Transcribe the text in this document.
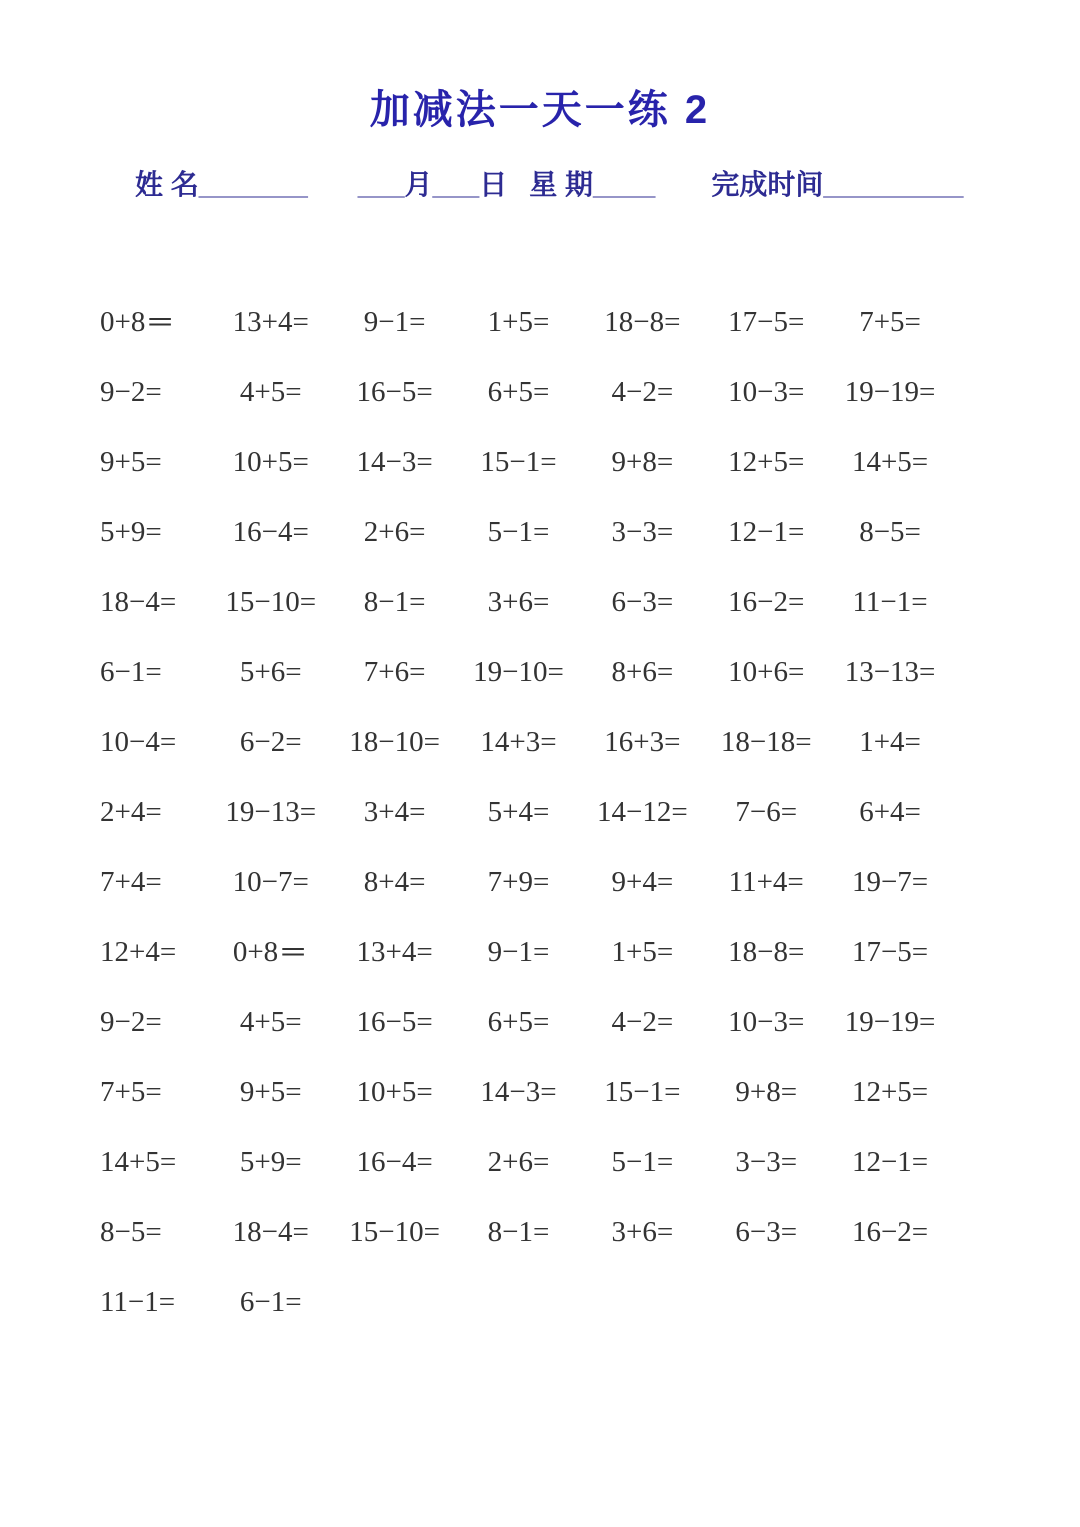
加减法一天一练 2
姓 名_______ ___月___日 星 期____ 完成时间_________
0+8=	13+4=	9−1=	1+5=	18−8=	17−5=	7+5=
9−2=	4+5=	16−5=	6+5=	4−2=	10−3=	19−19=
9+5=	10+5=	14−3=	15−1=	9+8=	12+5=	14+5=
5+9=	16−4=	2+6=	5−1=	3−3=	12−1=	8−5=
18−4=	15−10=	8−1=	3+6=	6−3=	16−2=	11−1=
6−1=	5+6=	7+6=	19−10=	8+6=	10+6=	13−13=
10−4=	6−2=	18−10=	14+3=	16+3=	18−18=	1+4=
2+4=	19−13=	3+4=	5+4=	14−12=	7−6=	6+4=
7+4=	10−7=	8+4=	7+9=	9+4=	11+4=	19−7=
12+4=	0+8=	13+4=	9−1=	1+5=	18−8=	17−5=
9−2=	4+5=	16−5=	6+5=	4−2=	10−3=	19−19=
7+5=	9+5=	10+5=	14−3=	15−1=	9+8=	12+5=
14+5=	5+9=	16−4=	2+6=	5−1=	3−3=	12−1=
8−5=	18−4=	15−10=	8−1=	3+6=	6−3=	16−2=
11−1=	6−1=
